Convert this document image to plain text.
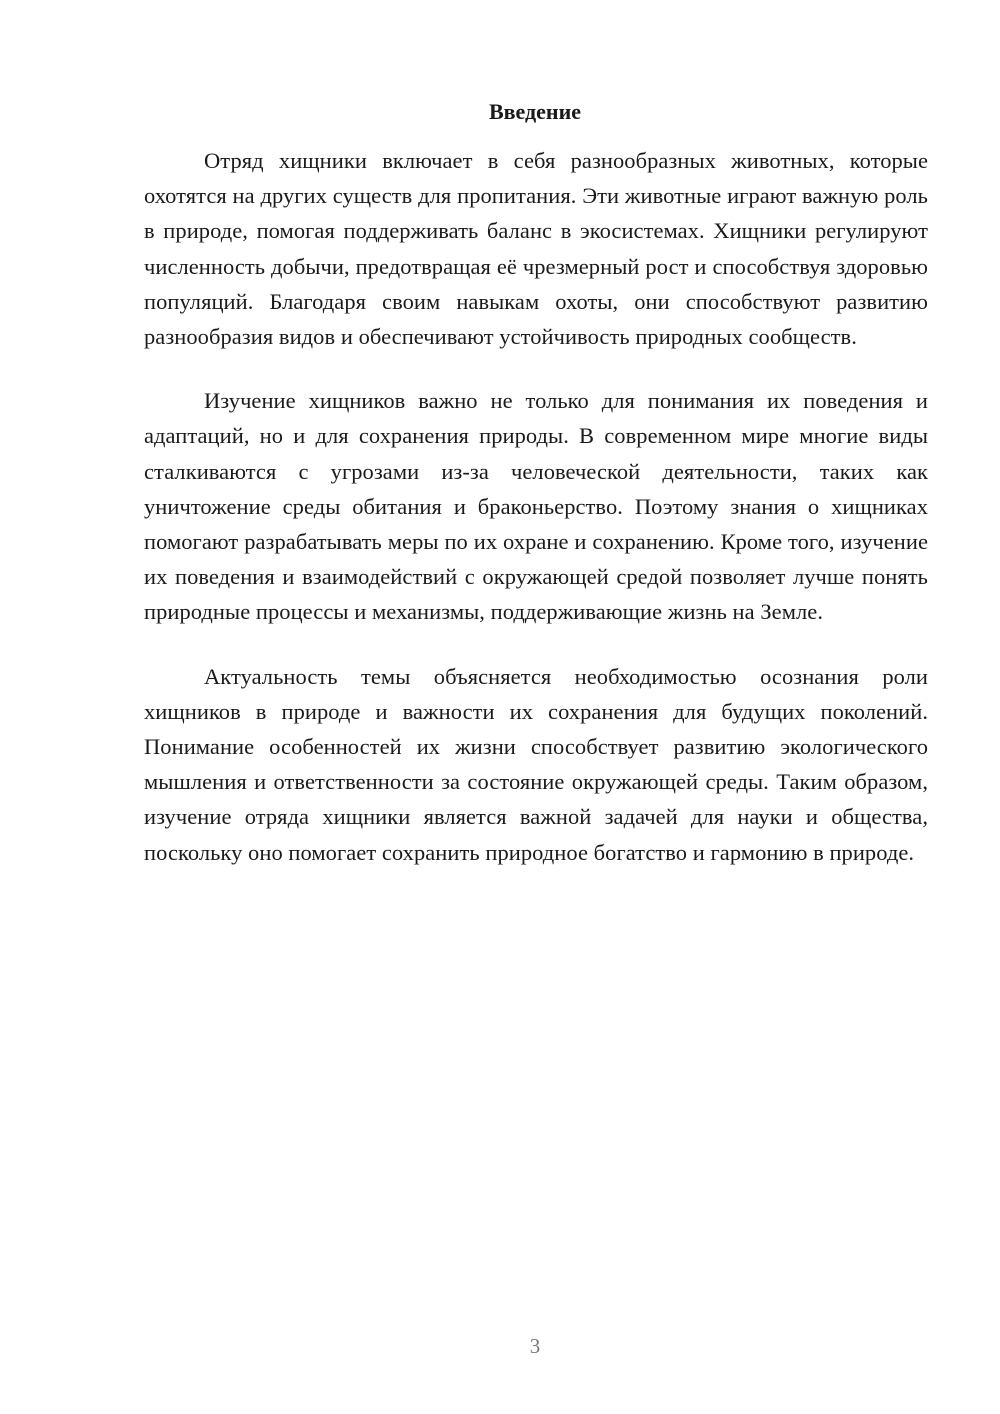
Введение

Отряд хищники включает в себя разнообразных животных, которые охотятся на других существ для пропитания. Эти животные играют важную роль в природе, помогая поддерживать баланс в экосистемах. Хищники регулируют численность добычи, предотвращая её чрезмерный рост и способствуя здоровью популяций. Благодаря своим навыкам охоты, они способствуют развитию разнообразия видов и обеспечивают устойчивость природных сообществ.

Изучение хищников важно не только для понимания их поведения и адаптаций, но и для сохранения природы. В современном мире многие виды сталкиваются с угрозами из-за человеческой деятельности, таких как уничтожение среды обитания и браконьерство. Поэтому знания о хищниках помогают разрабатывать меры по их охране и сохранению. Кроме того, изучение их поведения и взаимодействий с окружающей средой позволяет лучше понять природные процессы и механизмы, поддерживающие жизнь на Земле.

Актуальность темы объясняется необходимостью осознания роли хищников в природе и важности их сохранения для будущих поколений. Понимание особенностей их жизни способствует развитию экологического мышления и ответственности за состояние окружающей среды. Таким образом, изучение отряда хищники является важной задачей для науки и общества, поскольку оно помогает сохранить природное богатство и гармонию в природе.

3
